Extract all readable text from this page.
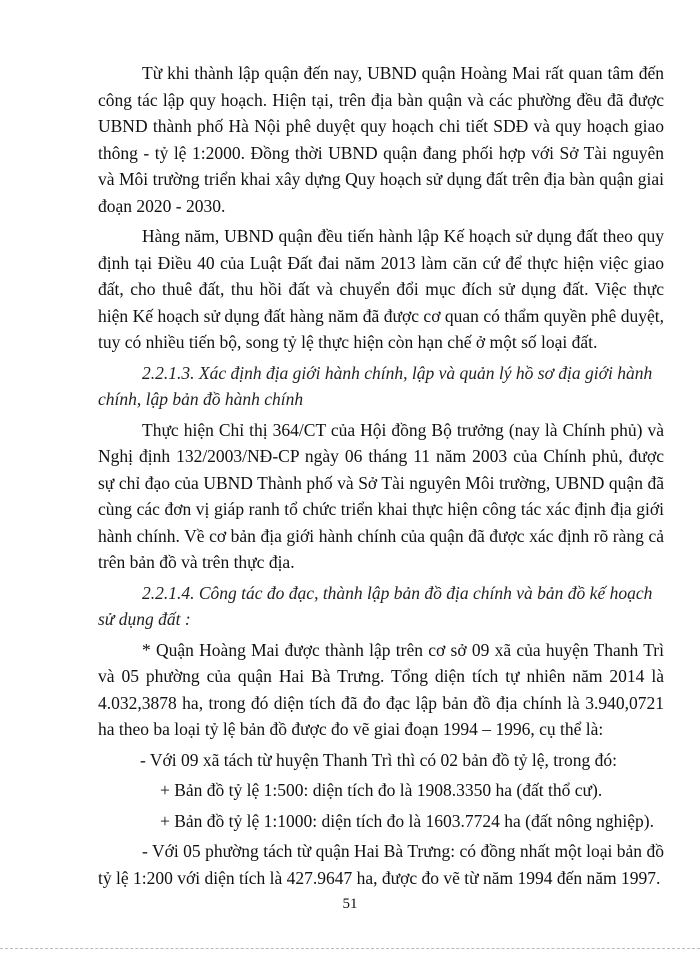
Từ khi thành lập quận đến nay, UBND quận Hoàng Mai rất quan tâm đến công tác lập quy hoạch. Hiện tại, trên địa bàn quận và các phường đều đã được UBND thành phố Hà Nội phê duyệt quy hoạch chi tiết SDĐ và quy hoạch giao thông - tỷ lệ 1:2000. Đồng thời UBND quận đang phối hợp với Sở Tài nguyên và Môi trường triển khai xây dựng Quy hoạch sử dụng đất trên địa bàn quận giai đoạn 2020 - 2030.

Hàng năm, UBND quận đều tiến hành lập Kế hoạch sử dụng đất theo quy định tại Điều 40 của Luật Đất đai năm 2013 làm căn cứ để thực hiện việc giao đất, cho thuê đất, thu hồi đất và chuyển đổi mục đích sử dụng đất. Việc thực hiện Kế hoạch sử dụng đất hàng năm đã được cơ quan có thẩm quyền phê duyệt, tuy có nhiều tiến bộ, song tỷ lệ thực hiện còn hạn chế ở một số loại đất.

2.2.1.3. Xác định địa giới hành chính, lập và quản lý hồ sơ địa giới hành chính, lập bản đồ hành chính

Thực hiện Chỉ thị 364/CT của Hội đồng Bộ trưởng (nay là Chính phủ) và Nghị định 132/2003/NĐ-CP ngày 06 tháng 11 năm 2003 của Chính phủ, được sự chỉ đạo của UBND Thành phố và Sở Tài nguyên Môi trường, UBND quận đã cùng các đơn vị giáp ranh tổ chức triển khai thực hiện công tác xác định địa giới hành chính. Về cơ bản địa giới hành chính của quận đã được xác định rõ ràng cả trên bản đồ và trên thực địa.

2.2.1.4. Công tác đo đạc, thành lập bản đồ địa chính và bản đồ kế hoạch sử dụng đất :

* Quận Hoàng Mai được thành lập trên cơ sở 09 xã của huyện Thanh Trì và 05 phường của quận Hai Bà Trưng. Tổng diện tích tự nhiên năm 2014 là 4.032,3878 ha, trong đó diện tích đã đo đạc lập bản đồ địa chính là 3.940,0721 ha theo ba loại tỷ lệ bản đồ được đo vẽ giai đoạn 1994 – 1996, cụ thể là:

- Với 09 xã tách từ huyện Thanh Trì thì có 02 bản đồ tỷ lệ, trong đó:

+ Bản đồ tỷ lệ 1:500: diện tích đo là 1908.3350 ha (đất thổ cư).

+ Bản đồ tỷ lệ 1:1000: diện tích đo là 1603.7724 ha (đất nông nghiệp).

- Với 05 phường tách từ quận Hai Bà Trưng: có đồng nhất một loại bản đồ tỷ lệ 1:200 với diện tích là 427.9647 ha, được đo vẽ từ năm 1994 đến năm 1997.

51
